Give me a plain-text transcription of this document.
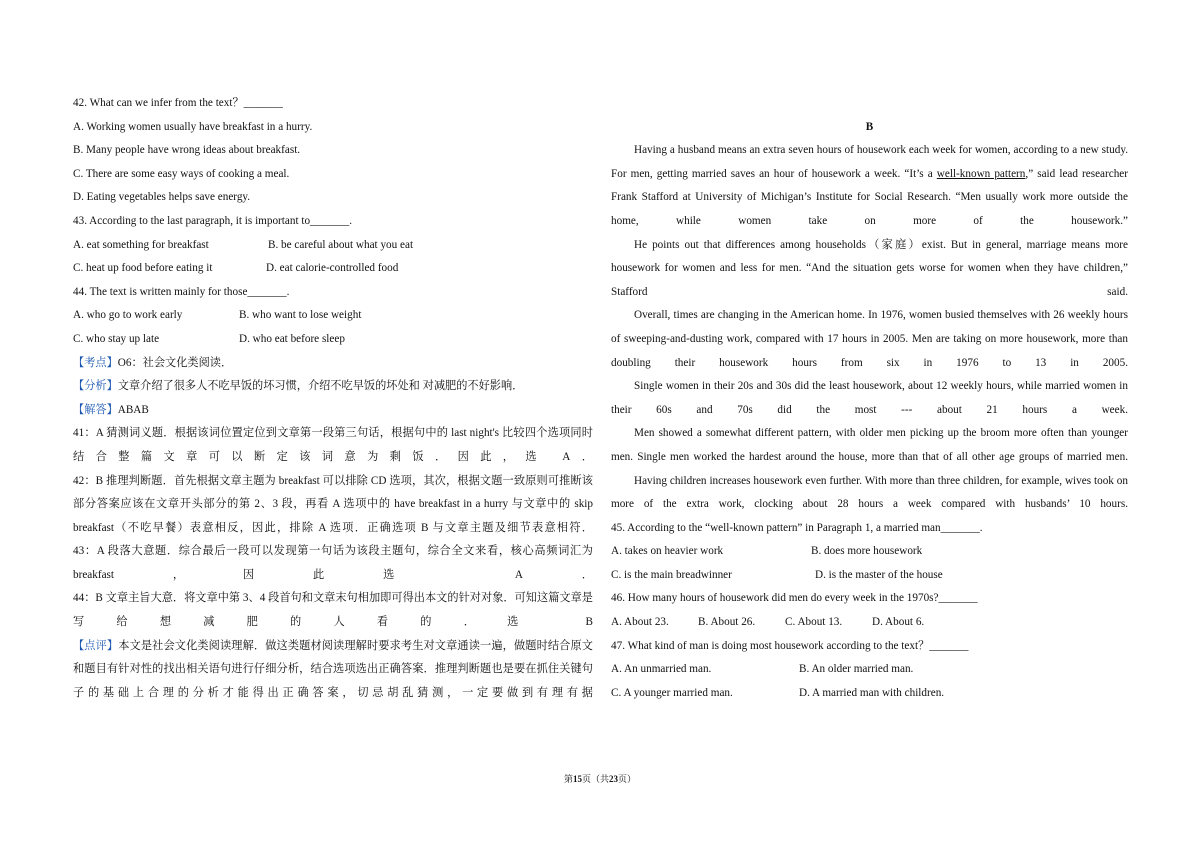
42. What can we infer from the text？_______
A. Working women usually have breakfast in a hurry.
B. Many people have wrong ideas about breakfast.
C. There are some easy ways of cooking a meal.
D. Eating vegetables helps save energy.
43. According to the last paragraph, it is important to_______.
A. eat something for breakfast	B. be careful about what you eat
C. heat up food before eating it	D. eat calorie-controlled food
44. The text is written mainly for those_______.
A. who go to work early	B. who want to lose weight
C. who stay up late	D. who eat before sleep
【考点】O6：社会文化类阅读．
【分析】文章介绍了很多人不吃早饭的坏习惯，介绍不吃早饭的坏处和 对减肥的不好影响．
【解答】ABAB
41：A 猜测词义题．根据该词位置定位到文章第一段第三句话，根据句中的 last night's 比较四个选项同时结合整篇文章可以断定该词意为剩饭．因此，选 A．
42：B 推理判断题．首先根据文章主题为 breakfast 可以排除 CD 选项，其次，根据文题一致原则可推断该部分答案应该在文章开头部分的第 2、3 段，再看 A 选项中的 have breakfast in a hurry 与文章中的 skip breakfast（不吃早餐）表意相反，因此，排除 A 选项．正确选项 B 与文章主题及细节表意相符．
43：A 段落大意题．综合最后一段可以发现第一句话为该段主题句，综合全文来看，核心高频词汇为 breakfast，因此选 A．
44：B 文章主旨大意．将文章中第 3、4 段首句和文章末句相加即可得出本文的针对对象．可知这篇文章是写给想减肥的人看的．选 B
【点评】本文是社会文化类阅读理解．做这类题材阅读理解时要求考生对文章通读一遍，做题时结合原文和题目有针对性的找出相关语句进行仔细分析，结合选项选出正确答案．推理判断题也是要在抓住关键句子的基础上合理的分析才能得出正确答案，切忌胡乱猜测，一定要做到有理有据
B
Having a husband means an extra seven hours of housework each week for women, according to a new study. For men, getting married saves an hour of housework a week. “It’s a well-known pattern,” said lead researcher Frank Stafford at University of Michigan’s Institute for Social Research. “Men usually work more outside the home, while women take on more of the housework.”
He points out that differences among households（家庭）exist. But in general, marriage means more housework for women and less for men. “And the situation gets worse for women when they have children,” Stafford said.
Overall, times are changing in the American home. In 1976, women busied themselves with 26 weekly hours of sweeping-and-dusting work, compared with 17 hours in 2005. Men are taking on more housework, more than doubling their housework hours from six in 1976 to 13 in 2005.
Single women in their 20s and 30s did the least housework, about 12 weekly hours, while married women in their 60s and 70s did the most --- about 21 hours a week.
Men showed a somewhat different pattern, with older men picking up the broom more often than younger men. Single men worked the hardest around the house, more than that of all other age groups of married men.
Having children increases housework even further. With more than three children, for example, wives took on more of the extra work, clocking about 28 hours a week compared with husbands’ 10 hours.
45. According to the “well-known pattern” in Paragraph 1, a married man_______.
A. takes on heavier work	B. does more housework
C. is the main breadwinner	D. is the master of the house
46. How many hours of housework did men do every week in the 1970s?_______
A. About 23.	B. About 26.	C. About 13.	D. About 6.
47. What kind of man is doing most housework according to the text？_______
A. An unmarried man.	B. An older married man.
C. A younger married man.	D. A married man with children.
第15页（共23页）
